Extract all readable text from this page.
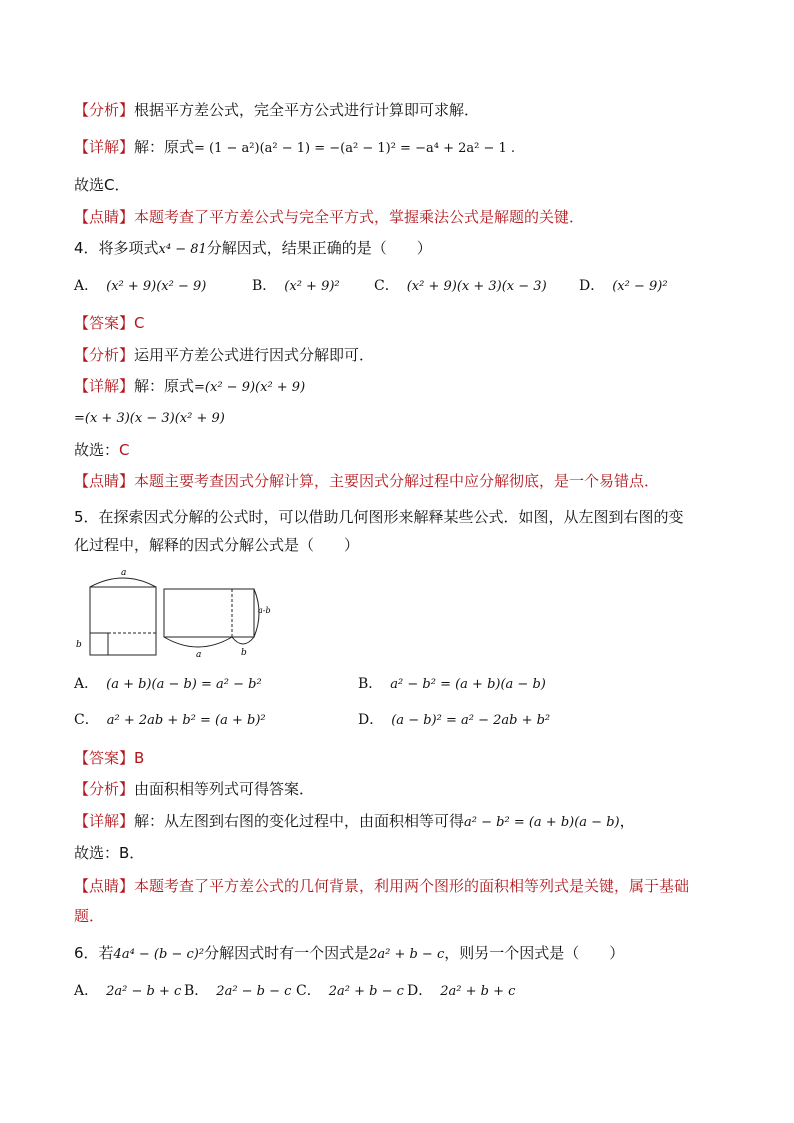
【分析】根据平方差公式，完全平方公式进行计算即可求解．
【详解】解：原式= (1 − a²)(a² − 1) = −(a² − 1)² = −a⁴ + 2a² − 1 .
故选C．
【点睛】本题考查了平方差公式与完全平方式，掌握乘法公式是解题的关键．
4．将多项式x⁴ − 81分解因式，结果正确的是（　　）
A． (x² + 9)(x² − 9)	B． (x² + 9)² C． (x² + 9)(x + 3)(x − 3) D． (x² − 9)²
【答案】C
【分析】运用平方差公式进行因式分解即可．
【详解】解：原式=(x² − 9)(x² + 9)
=(x + 3)(x − 3)(x² + 9)
故选：C
【点睛】本题主要考查因式分解计算，主要因式分解过程中应分解彻底，是一个易错点．
5．在探索因式分解的公式时，可以借助几何图形来解释某些公式．如图，从左图到右图的变
化过程中，解释的因式分解公式是（　　）
a
b
a-b
a	b
A． (a + b)(a − b) = a² − b²	B． a² − b² = (a + b)(a − b)
C． a² + 2ab + b² = (a + b)²	D． (a − b)² = a² − 2ab + b²
【答案】B
【分析】由面积相等列式可得答案．
【详解】解：从左图到右图的变化过程中，由面积相等可得a² − b² = (a + b)(a − b)，
故选：B．
【点睛】本题考查了平方差公式的几何背景，利用两个图形的面积相等列式是关键，属于基础
题．
6．若4a⁴ − (b − c)²分解因式时有一个因式是2a² + b − c，则另一个因式是（　　）
A． 2a² − b + c B． 2a² − b − c C． 2a² + b − c D． 2a² + b + c
